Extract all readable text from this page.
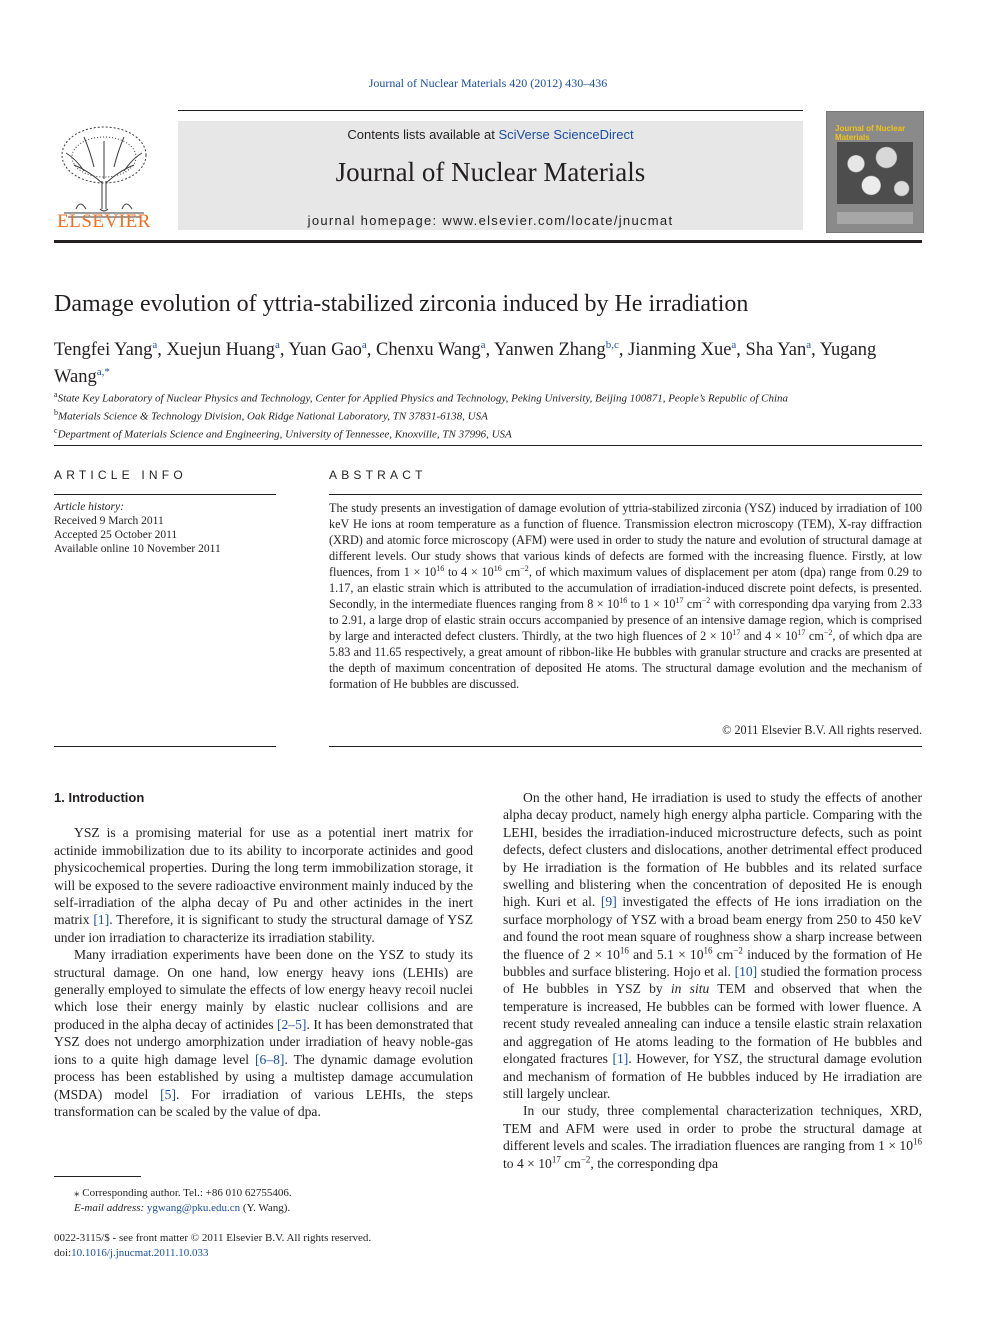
Journal of Nuclear Materials 420 (2012) 430–436
ELSEVIER
Contents lists available at SciVerse ScienceDirect
Journal of Nuclear Materials
journal homepage: www.elsevier.com/locate/jnucmat
Journal of Nuclear Materials
Damage evolution of yttria-stabilized zirconia induced by He irradiation
Tengfei Yang$^a$, Xuejun Huang$^a$, Yuan Gao$^a$, Chenxu Wang$^a$, Yanwen Zhang$^{b,c}$, Jianming Xue$^a$, Sha Yan$^a$, Yugang Wang$^{a,*}$
$^a$State Key Laboratory of Nuclear Physics and Technology, Center for Applied Physics and Technology, Peking University, Beijing 100871, People’s Republic of China
$^b$Materials Science & Technology Division, Oak Ridge National Laboratory, TN 37831-6138, USA
$^c$Department of Materials Science and Engineering, University of Tennessee, Knoxville, TN 37996, USA
ARTICLE INFO	ABSTRACT
Article history:
Received 9 March 2011
Accepted 25 October 2011
Available online 10 November 2011
The study presents an investigation of damage evolution of yttria-stabilized zirconia (YSZ) induced by irradiation of 100 keV He ions at room temperature as a function of fluence. Transmission electron microscopy (TEM), X-ray diffraction (XRD) and atomic force microscopy (AFM) were used in order to study the nature and evolution of structural damage at different levels. Our study shows that various kinds of defects are formed with the increasing fluence. Firstly, at low fluences, from $1 \times 10^{16}$ to $4 \times 10^{16}$ $cm^{-2}$, of which maximum values of displacement per atom (dpa) range from 0.29 to 1.17, an elastic strain which is attributed to the accumulation of irradiation-induced discrete point defects, is presented. Secondly, in the intermediate fluences ranging from $8 \times 10^{16}$ to $1 \times 10^{17}$ $cm^{-2}$ with corresponding dpa varying from 2.33 to 2.91, a large drop of elastic strain occurs accompanied by presence of an intensive damage region, which is comprised by large and interacted defect clusters. Thirdly, at the two high fluences of $2 \times 10^{17}$ and $4 \times 10^{17}$ $cm^{-2}$, of which dpa are 5.83 and 11.65 respectively, a great amount of ribbon-like He bubbles with granular structure and cracks are presented at the depth of maximum concentration of deposited He atoms. The structural damage evolution and the mechanism of formation of He bubbles are discussed.
© 2011 Elsevier B.V. All rights reserved.
1. Introduction

YSZ is a promising material for use as a potential inert matrix for actinide immobilization due to its ability to incorporate actinides and good physicochemical properties. During the long term immobilization storage, it will be exposed to the severe radioactive environment mainly induced by the self-irradiation of the alpha decay of Pu and other actinides in the inert matrix [1]. Therefore, it is significant to study the structural damage of YSZ under ion irradiation to characterize its irradiation stability.

Many irradiation experiments have been done on the YSZ to study its structural damage. On one hand, low energy heavy ions (LEHIs) are generally employed to simulate the effects of low energy heavy recoil nuclei which lose their energy mainly by elastic nuclear collisions and are produced in the alpha decay of actinides [2–5]. It has been demonstrated that YSZ does not undergo amorphization under irradiation of heavy noble-gas ions to a quite high damage level [6–8]. The dynamic damage evolution process has been established by using a multistep damage accumulation (MSDA) model [5]. For irradiation of various LEHIs, the steps transformation can be scaled by the value of dpa.

On the other hand, He irradiation is used to study the effects of another alpha decay product, namely high energy alpha particle. Comparing with the LEHI, besides the irradiation-induced microstructure defects, such as point defects, defect clusters and dislocations, another detrimental effect produced by He irradiation is the formation of He bubbles and its related surface swelling and blistering when the concentration of deposited He is enough high. Kuri et al. [9] investigated the effects of He ions irradiation on the surface morphology of YSZ with a broad beam energy from 250 to 450 keV and found the root mean square of roughness show a sharp increase between the fluence of $2 \times 10^{16}$ and $5.1 \times 10^{16}$ $cm^{-2}$ induced by the formation of He bubbles and surface blistering. Hojo et al. [10] studied the formation process of He bubbles in YSZ by in situ TEM and observed that when the temperature is increased, He bubbles can be formed with lower fluence. A recent study revealed annealing can induce a tensile elastic strain relaxation and aggregation of He atoms leading to the formation of He bubbles and elongated fractures [1]. However, for YSZ, the structural damage evolution and mechanism of formation of He bubbles induced by He irradiation are still largely unclear.

In our study, three complemental characterization techniques, XRD, TEM and AFM were used in order to probe the structural damage at different levels and scales. The irradiation fluences are ranging from $1 \times 10^{16}$ to $4 \times 10^{17}$ $cm^{-2}$, the corresponding dpa

⁎ Corresponding author. Tel.: +86 010 62755406.
E-mail address: ygwang@pku.edu.cn (Y. Wang).
0022-3115/$ - see front matter © 2011 Elsevier B.V. All rights reserved.
doi:10.1016/j.jnucmat.2011.10.033
